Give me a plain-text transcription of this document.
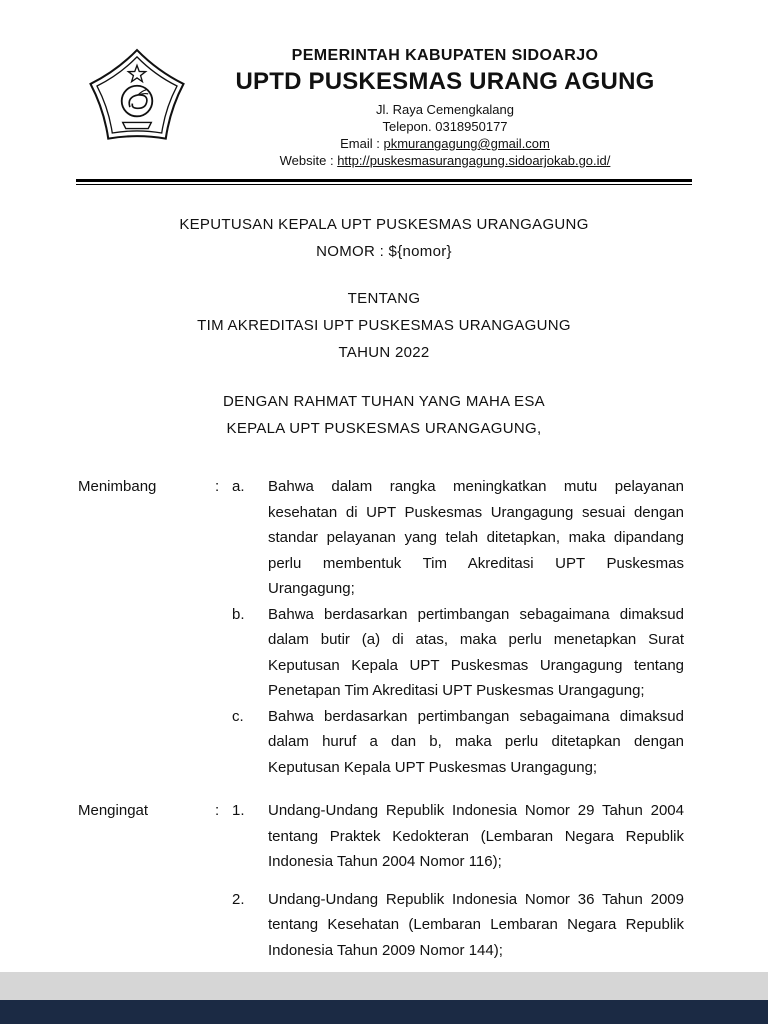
PEMERINTAH KABUPATEN SIDOARJO
UPTD PUSKESMAS URANG AGUNG
Jl. Raya Cemengkalang
Telepon. 0318950177
Email : pkmurangagung@gmail.com
Website : http://puskesmasurangagung.sidoarjokab.go.id/
KEPUTUSAN KEPALA UPT PUSKESMAS URANGAGUNG
NOMOR : ${nomor}
TENTANG
TIM AKREDITASI UPT PUSKESMAS URANGAGUNG
TAHUN 2022
DENGAN RAHMAT TUHAN YANG MAHA ESA
KEPALA UPT PUSKESMAS URANGAGUNG,
Menimbang	: a.	Bahwa dalam rangka meningkatkan mutu pelayanan kesehatan di UPT Puskesmas Urangagung sesuai dengan standar pelayanan yang telah ditetapkan, maka dipandang perlu membentuk Tim Akreditasi UPT Puskesmas Urangagung;
b.	Bahwa berdasarkan pertimbangan sebagaimana dimaksud dalam butir (a) di atas, maka perlu menetapkan Surat Keputusan Kepala UPT Puskesmas Urangagung tentang Penetapan Tim Akreditasi UPT Puskesmas Urangagung;
c.	Bahwa berdasarkan pertimbangan sebagaimana dimaksud dalam huruf a dan b, maka perlu ditetapkan dengan Keputusan Kepala UPT Puskesmas Urangagung;
Mengingat	: 1.	Undang-Undang Republik Indonesia Nomor 29 Tahun 2004 tentang Praktek Kedokteran (Lembaran Negara Republik Indonesia Tahun 2004 Nomor 116);
2.	Undang-Undang Republik Indonesia Nomor 36 Tahun 2009 tentang Kesehatan (Lembaran Lembaran Negara Republik Indonesia Tahun 2009 Nomor 144);
